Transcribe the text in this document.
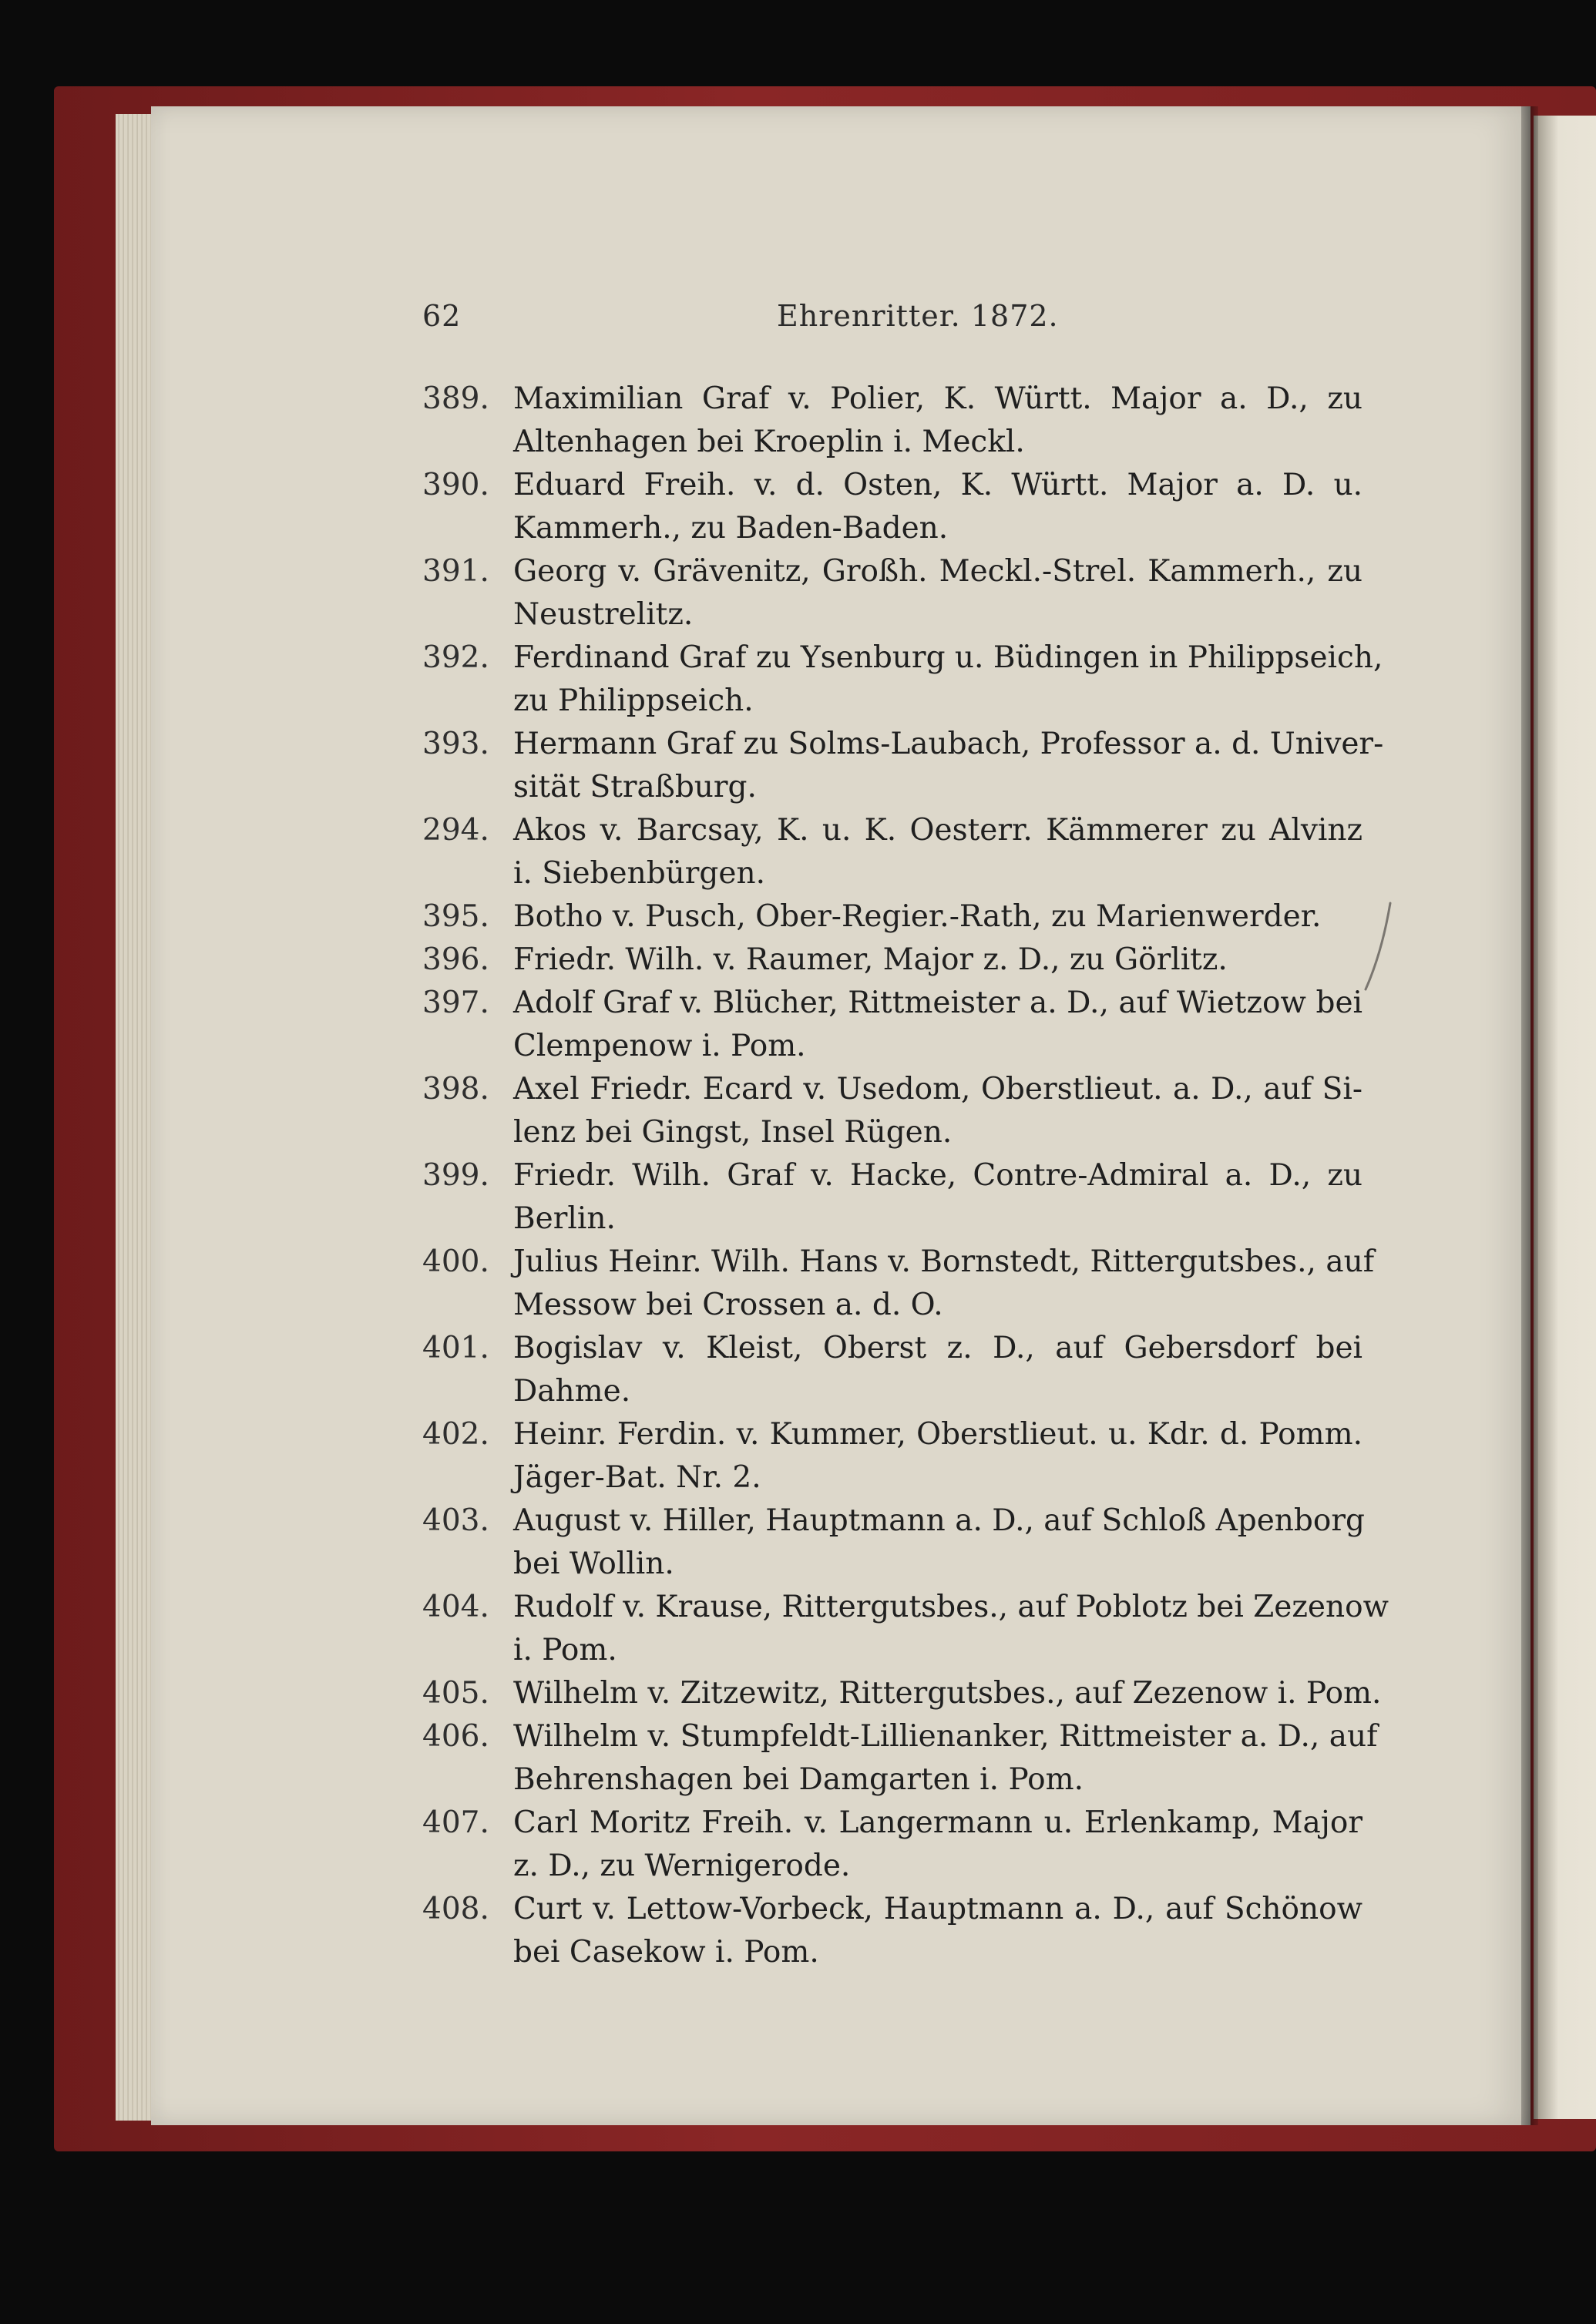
62	Ehrenritter. 1872.
389. Maximilian Graf v. Polier, K. Württ. Major a. D., zu
Altenhagen bei Kroeplin i. Meckl.
390. Eduard Freih. v. d. Osten, K. Württ. Major a. D. u.
Kammerh., zu Baden-Baden.
391. Georg v. Grävenitz, Großh. Meckl.-Strel. Kammerh., zu
Neustrelitz.
392. Ferdinand Graf zu Ysenburg u. Büdingen in Philippseich,
zu Philippseich.
393. Hermann Graf zu Solms-Laubach, Professor a. d. Univer-
sität Straßburg.
294. Akos v. Barcsay, K. u. K. Oesterr. Kämmerer zu Alvinz
i. Siebenbürgen.
395. Botho v. Pusch, Ober-Regier.-Rath, zu Marienwerder.
396. Friedr. Wilh. v. Raumer, Major z. D., zu Görlitz.
397. Adolf Graf v. Blücher, Rittmeister a. D., auf Wietzow bei
Clempenow i. Pom.
398. Axel Friedr. Ecard v. Usedom, Oberstlieut. a. D., auf Si-
lenz bei Gingst, Insel Rügen.
399. Friedr. Wilh. Graf v. Hacke, Contre-Admiral a. D., zu
Berlin.
400. Julius Heinr. Wilh. Hans v. Bornstedt, Rittergutsbes., auf
Messow bei Crossen a. d. O.
401. Bogislav v. Kleist, Oberst z. D., auf Gebersdorf bei
Dahme.
402. Heinr. Ferdin. v. Kummer, Oberstlieut. u. Kdr. d. Pomm.
Jäger-Bat. Nr. 2.
403. August v. Hiller, Hauptmann a. D., auf Schloß Apenborg
bei Wollin.
404. Rudolf v. Krause, Rittergutsbes., auf Poblotz bei Zezenow
i. Pom.
405. Wilhelm v. Zitzewitz, Rittergutsbes., auf Zezenow i. Pom.
406. Wilhelm v. Stumpfeldt-Lillienanker, Rittmeister a. D., auf
Behrenshagen bei Damgarten i. Pom.
407. Carl Moritz Freih. v. Langermann u. Erlenkamp, Major
z. D., zu Wernigerode.
408. Curt v. Lettow-Vorbeck, Hauptmann a. D., auf Schönow
bei Casekow i. Pom.
